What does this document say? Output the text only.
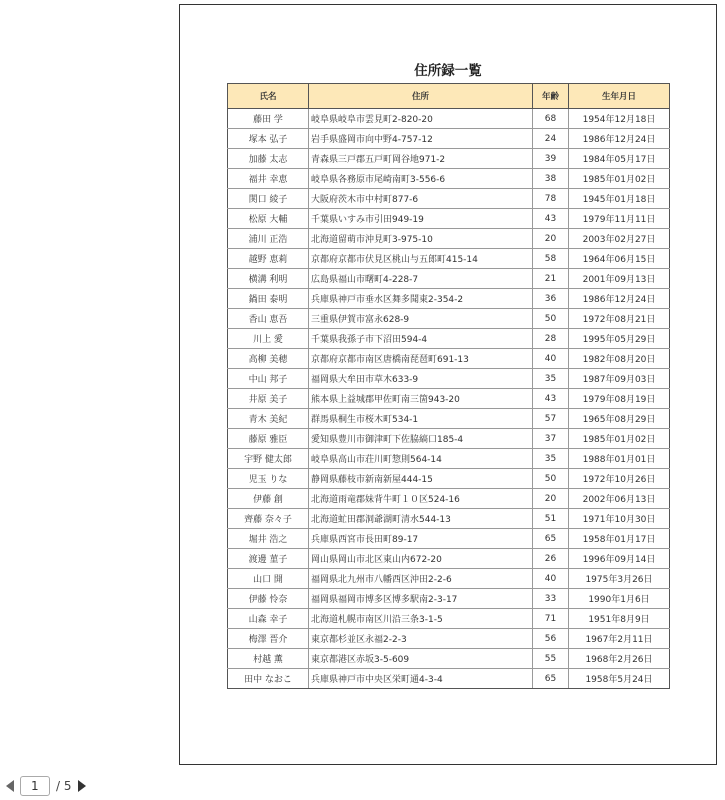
住所録一覧
氏名	住所	年齢	生年月日
藤田 学	岐阜県岐阜市雲見町2-820-20	68	1954年12月18日
塚本 弘子	岩手県盛岡市向中野4-757-12	24	1986年12月24日
加藤 太志	青森県三戸郡五戸町岡谷地971-2	39	1984年05月17日
福井 幸恵	岐阜県各務原市尾崎南町3-556-6	38	1985年01月02日
関口 綾子	大阪府茨木市中村町877-6	78	1945年01月18日
松原 大輔	千葉県いすみ市引田949-19	43	1979年11月11日
浦川 正浩	北海道留萌市沖見町3-975-10	20	2003年02月27日
越野 恵莉	京都府京都市伏見区桃山与五郎町415-14	58	1964年06月15日
横溝 利明	広島県福山市曙町4-228-7	21	2001年09月13日
鍋田 泰明	兵庫県神戸市垂水区舞多聞東2-354-2	36	1986年12月24日
香山 恵吾	三重県伊賀市富永628-9	50	1972年08月21日
川上 愛	千葉県我孫子市下沼田594-4	28	1995年05月29日
高柳 美穂	京都府京都市南区唐橋南琵琶町691-13	40	1982年08月20日
中山 邦子	福岡県大牟田市草木633-9	35	1987年09月03日
井原 美子	熊本県上益城郡甲佐町南三箇943-20	43	1979年08月19日
青木 美紀	群馬県桐生市桜木町534-1	57	1965年08月29日
藤原 雅臣	愛知県豊川市御津町下佐脇縞口185-4	37	1985年01月02日
宇野 健太郎	岐阜県高山市荘川町惣則564-14	35	1988年01月01日
児玉 りな	静岡県藤枝市新南新屋444-15	50	1972年10月26日
伊藤 創	北海道雨竜郡妹背牛町１０区524-16	20	2002年06月13日
齊藤 奈々子	北海道虻田郡洞爺湖町清水544-13	51	1971年10月30日
堀井 浩之	兵庫県西宮市長田町89-17	65	1958年01月17日
渡邊 菫子	岡山県岡山市北区東山内672-20	26	1996年09月14日
山口 開	福岡県北九州市八幡西区沖田2-2-6	40	1975年3月26日
伊藤 怜奈	福岡県福岡市博多区博多駅南2-3-17	33	1990年1月6日
山森 幸子	北海道札幌市南区川沿三条3-1-5	71	1951年8月9日
梅澤 晋介	東京都杉並区永福2-2-3	56	1967年2月11日
村越 薫	東京都港区赤坂3-5-609	55	1968年2月26日
田中 なおこ	兵庫県神戸市中央区栄町通4-3-4	65	1958年5月24日
1
/ 5
